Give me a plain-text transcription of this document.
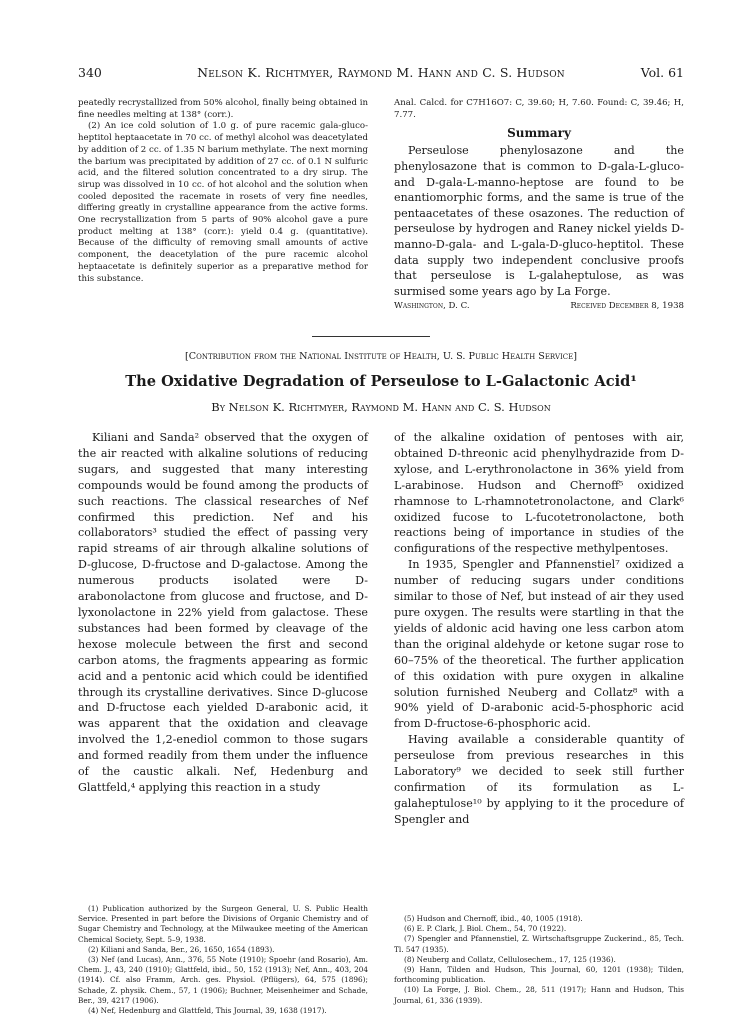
Nelson K. Richtmyer, Raymond M. Hann and C. S. Hudson
340	Vol. 61

peatedly recrystallized from 50% alcohol, finally being obtained in fine needles melting at 138° (corr.).

(2) An ice cold solution of 1.0 g. of pure racemic gala-gluco-heptitol heptaacetate in 70 cc. of methyl alcohol was deacetylated by addition of 2 cc. of 1.35 N barium methylate. The next morning the barium was precipitated by addition of 27 cc. of 0.1 N sulfuric acid, and the filtered solution concentrated to a dry sirup. The sirup was dissolved in 10 cc. of hot alcohol and the solution when cooled deposited the racemate in rosets of very fine needles, differing greatly in crystalline appearance from the active forms. One recrystallization from 5 parts of 90% alcohol gave a pure product melting at 138° (corr.): yield 0.4 g. (quantitative). Because of the difficulty of removing small amounts of active component, the deacetylation of the pure racemic alcohol heptaacetate is definitely superior as a preparative method for this substance.

Anal. Calcd. for C7H16O7: C, 39.60; H, 7.60. Found: C, 39.46; H, 7.77.

Summary

Perseulose phenylosazone and the phenylosazone that is common to D-gala-L-gluco- and D-gala-L-manno-heptose are found to be enantiomorphic forms, and the same is true of the pentaacetates of these osazones. The reduction of perseulose by hydrogen and Raney nickel yields D-manno-D-gala- and L-gala-D-gluco-heptitol. These data supply two independent conclusive proofs that perseulose is L-galaheptulose, as was surmised some years ago by La Forge.

Washington, D. C.	Received December 8, 1938
[Contribution from the National Institute of Health, U. S. Public Health Service]
The Oxidative Degradation of Perseulose to L-Galactonic Acid¹
By Nelson K. Richtmyer, Raymond M. Hann and C. S. Hudson

Kiliani and Sanda² observed that the oxygen of the air reacted with alkaline solutions of reducing sugars, and suggested that many interesting compounds would be found among the products of such reactions. The classical researches of Nef confirmed this prediction. Nef and his collaborators³ studied the effect of passing very rapid streams of air through alkaline solutions of D-glucose, D-fructose and D-galactose. Among the numerous products isolated were D-arabonolactone from glucose and fructose, and D-lyxonolactone in 22% yield from galactose. These substances had been formed by cleavage of the hexose molecule between the first and second carbon atoms, the fragments appearing as formic acid and a pentonic acid which could be identified through its crystalline derivatives. Since D-glucose and D-fructose each yielded D-arabonic acid, it was apparent that the oxidation and cleavage involved the 1,2-enediol common to those sugars and formed readily from them under the influence of the caustic alkali. Nef, Hedenburg and Glattfeld,⁴ applying this reaction in a study

of the alkaline oxidation of pentoses with air, obtained D-threonic acid phenylhydrazide from D-xylose, and L-erythronolactone in 36% yield from L-arabinose. Hudson and Chernoff⁵ oxidized rhamnose to L-rhamnotetronolactone, and Clark⁶ oxidized fucose to L-fucotetronolactone, both reactions being of importance in studies of the configurations of the respective methylpentoses.

In 1935, Spengler and Pfannenstiel⁷ oxidized a number of reducing sugars under conditions similar to those of Nef, but instead of air they used pure oxygen. The results were startling in that the yields of aldonic acid having one less carbon atom than the original aldehyde or ketone sugar rose to 60–75% of the theoretical. The further application of this oxidation with pure oxygen in alkaline solution furnished Neuberg and Collatz⁸ with a 90% yield of D-arabonic acid-5-phosphoric acid from D-fructose-6-phosphoric acid.

Having available a considerable quantity of perseulose from previous researches in this Laboratory⁹ we decided to seek still further confirmation of its formulation as L-galaheptulose¹⁰ by applying to it the procedure of Spengler and

(1) Publication authorized by the Surgeon General, U. S. Public Health Service. Presented in part before the Divisions of Organic Chemistry and of Sugar Chemistry and Technology, at the Milwaukee meeting of the American Chemical Society, Sept. 5–9, 1938.

(2) Kiliani and Sanda, Ber., 26, 1650, 1654 (1893).

(3) Nef (and Lucas), Ann., 376, 55 Note (1910); Spoehr (and Rosario), Am. Chem. J., 43, 240 (1910); Glattfeld, ibid., 50, 152 (1913); Nef, Ann., 403, 204 (1914). Cf. also Framm, Arch. ges. Physiol. (Pflügers), 64, 575 (1896); Schade, Z. physik. Chem., 57, 1 (1906); Buchner, Meisenheimer and Schade, Ber., 39, 4217 (1906).

(4) Nef, Hedenburg and Glattfeld, This Journal, 39, 1638 (1917).

(5) Hudson and Chernoff, ibid., 40, 1005 (1918).

(6) E. P. Clark, J. Biol. Chem., 54, 70 (1922).

(7) Spengler and Pfannenstiel, Z. Wirtschaftsgruppe Zuckerind., 85, Tech. Tl. 547 (1935).

(8) Neuberg and Collatz, Cellulosechem., 17, 125 (1936).

(9) Hann, Tilden and Hudson, This Journal, 60, 1201 (1938); Tilden, forthcoming publication.

(10) La Forge, J. Biol. Chem., 28, 511 (1917); Hann and Hudson, This Journal, 61, 336 (1939).
